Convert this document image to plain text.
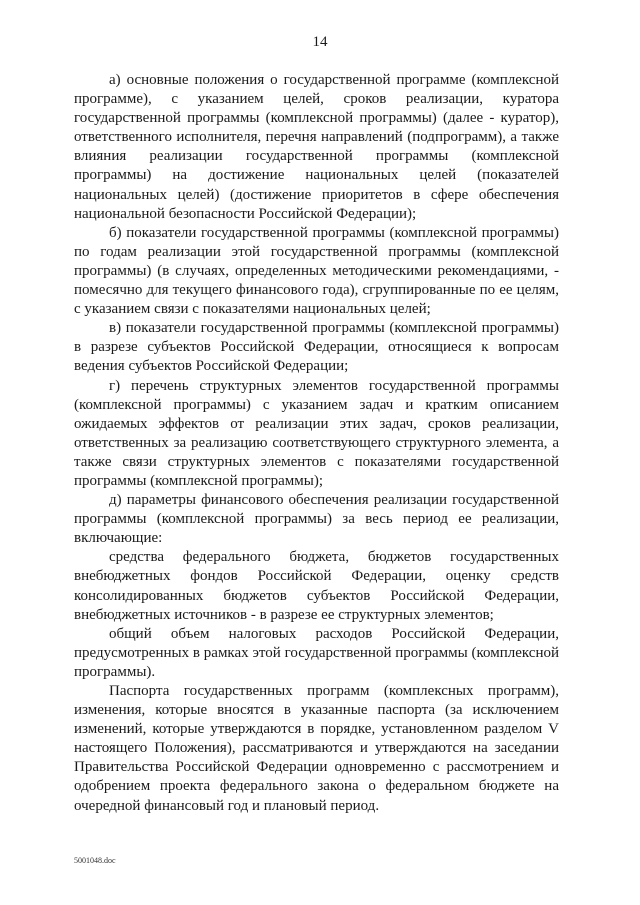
14

а) основные положения о государственной программе (комплексной программе), с указанием целей, сроков реализации, куратора государственной программы (комплексной программы) (далее - куратор), ответственного исполнителя, перечня направлений (подпрограмм), а также влияния реализации государственной программы (комплексной программы) на достижение национальных целей (показателей национальных целей) (достижение приоритетов в сфере обеспечения национальной безопасности Российской Федерации);

б) показатели государственной программы (комплексной программы) по годам реализации этой государственной программы (комплексной программы) (в случаях, определенных методическими рекомендациями, - помесячно для текущего финансового года), сгруппированные по ее целям, с указанием связи с показателями национальных целей;

в) показатели государственной программы (комплексной программы) в разрезе субъектов Российской Федерации, относящиеся к вопросам ведения субъектов Российской Федерации;

г) перечень структурных элементов государственной программы (комплексной программы) с указанием задач и кратким описанием ожидаемых эффектов от реализации этих задач, сроков реализации, ответственных за реализацию соответствующего структурного элемента, а также связи структурных элементов с показателями государственной программы (комплексной программы);

д) параметры финансового обеспечения реализации государственной программы (комплексной программы) за весь период ее реализации, включающие:

средства федерального бюджета, бюджетов государственных внебюджетных фондов Российской Федерации, оценку средств консолидированных бюджетов субъектов Российской Федерации, внебюджетных источников - в разрезе ее структурных элементов;

общий объем налоговых расходов Российской Федерации, предусмотренных в рамках этой государственной программы (комплексной программы).

Паспорта государственных программ (комплексных программ), изменения, которые вносятся в указанные паспорта (за исключением изменений, которые утверждаются в порядке, установленном разделом V настоящего Положения), рассматриваются и утверждаются на заседании Правительства Российской Федерации одновременно с рассмотрением и одобрением проекта федерального закона о федеральном бюджете на очередной финансовый год и плановый период.

5001048.doc
